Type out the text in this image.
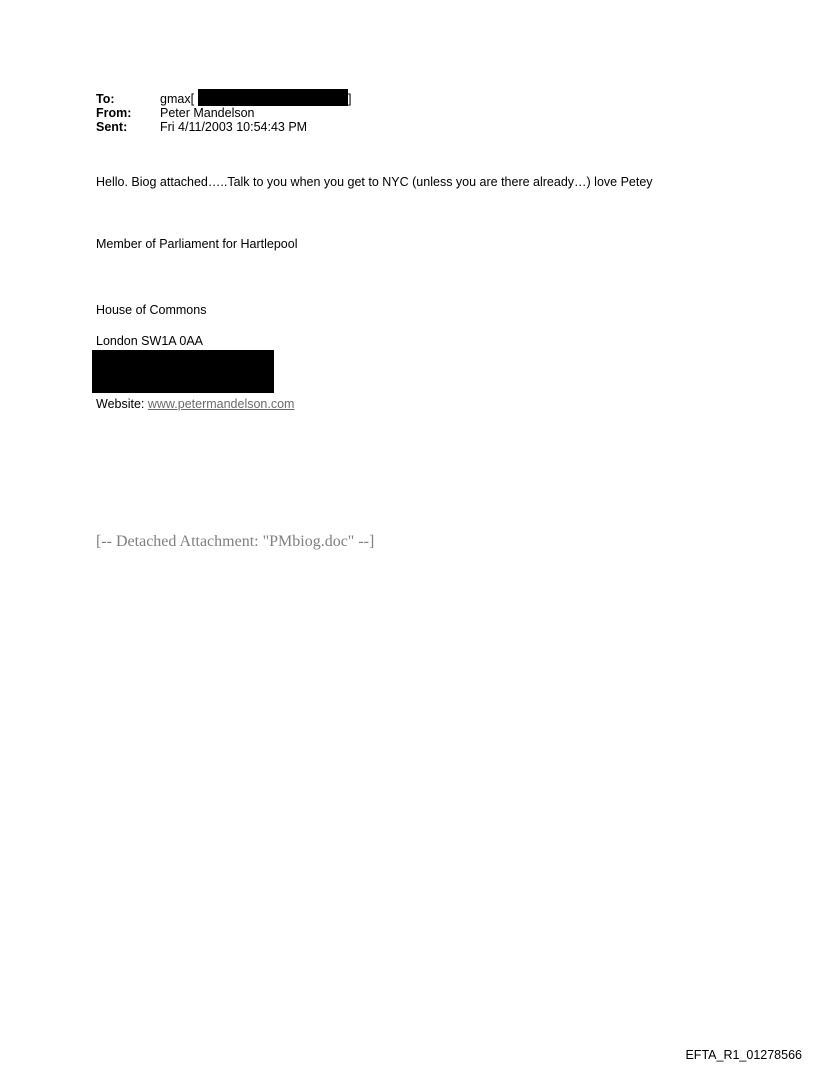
To:	gmax[	]
From:	Peter Mandelson
Sent:	Fri 4/11/2003 10:54:43 PM
Hello. Biog attached…..Talk to you when you get to NYC (unless you are there already…) love Petey
Member of Parliament for Hartlepool
House of Commons
London SW1A 0AA
Website: www.petermandelson.com
[-- Detached Attachment: "PMbiog.doc" --]
EFTA_R1_01278566
